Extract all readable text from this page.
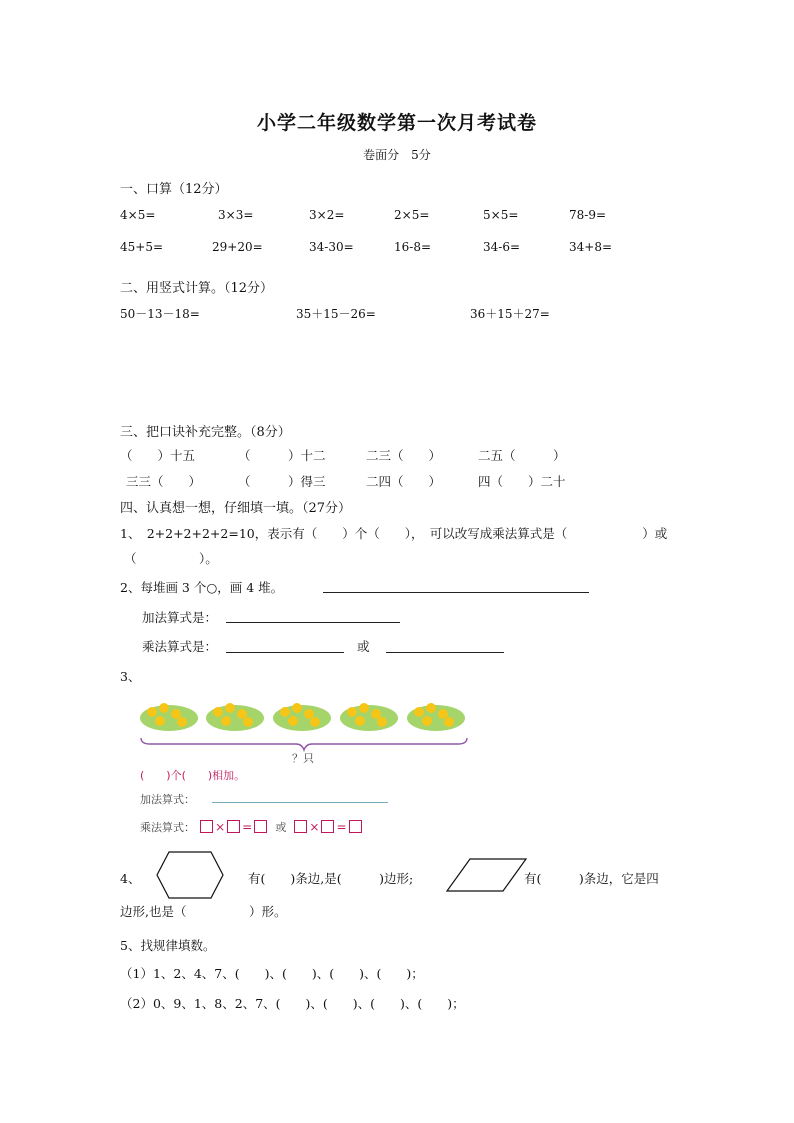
小学二年级数学第一次月考试卷
卷面分　5分
一、口算（12分）
4×5=	3×3=	3×2=	2×5=	5×5=	78-9=
45+5=	29+20=	34-30=	16-8=	34-6=	34+8=
二、用竖式计算。（12分）
50－13－18=	35＋15－26=	36＋15＋27=
三、把口诀补充完整。（8分）
（　　）十五	（　　　）十二	二三（　　）	二五（　　　）
三三（　　）	（　　　）得三	二四（　　）	四（　　）二十
四、认真想一想，仔细填一填。（27分）
1、　2+2+2+2+2=10，表示有（　　）个（　　），　可以改写成乘法算式是（　　　　　　）或
（　　　　　）。
2、每堆画 3 个○，画 4 堆。
加法算式是：
乘法算式是：	或
3、
？只
(　　)个(　　)相加。
加法算式：
乘法算式： × = 或 × =
4、	有(　　)条边,是(　　　)边形;	有(　　　)条边，它是四
边形,也是（　　　　　）形。
5、找规律填数。
（1）1、2、4、7、(　　)、(　　)、(　　)、(　　)；
（2）0、9、1、8、2、7、(　　)、(　　)、(　　)、(　　)；
